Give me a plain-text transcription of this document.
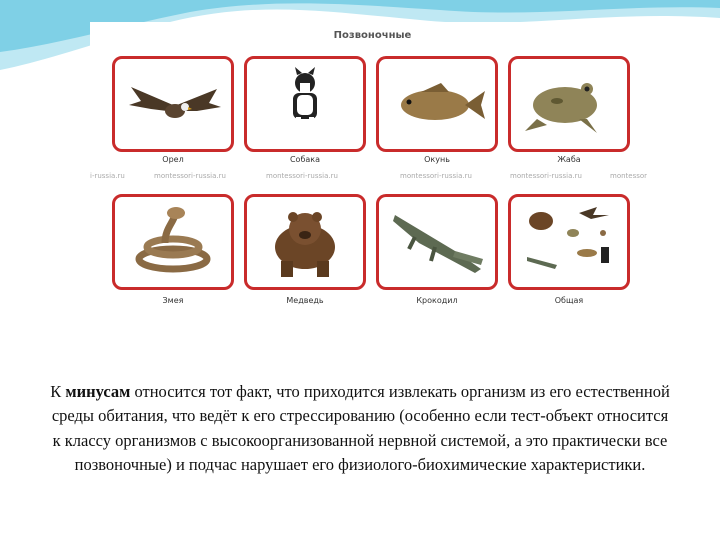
Позвоночные
Орел	Собака	Окунь	Жаба
i-russia.ru	montessori-russia.ru	montessori-russia.ru	montessori-russia.ru	montessori-russia.ru	montessor
Змея	Медведь	Крокодил	Общая

К минусам относится тот факт, что приходится извлекать организм из его естественной среды обитания, что ведёт к его стрессированию (особенно если тест-объект относится к классу организмов с высокоорганизованной нервной системой, а это практически все позвоночные) и подчас нарушает его физиолого-биохимические характеристики.
